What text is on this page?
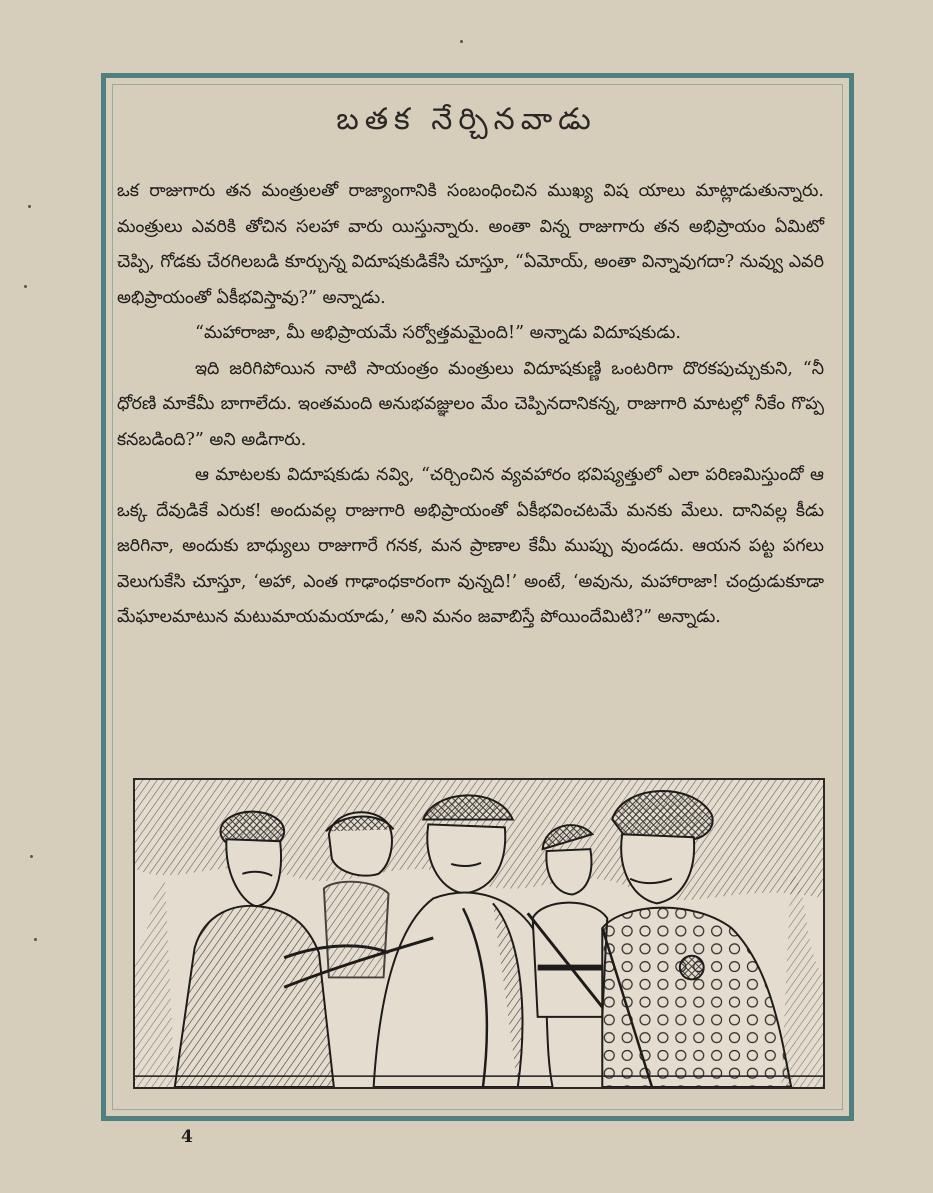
బతక నేర్చినవాడు

ఒక రాజుగారు తన మంత్రులతో రాజ్యాంగానికి సంబంధించిన ముఖ్య విష యాలు మాట్లాడుతున్నారు. మంత్రులు ఎవరికి తోచిన సలహా వారు యిస్తున్నారు. అంతా విన్న రాజుగారు తన అభిప్రాయం ఏమిటో చెప్పి, గోడకు చేరగిలబడి కూర్చున్న విదూషకుడికేసి చూస్తూ, “ఏమోయ్, అంతా విన్నావుగదా? నువ్వు ఎవరి అభిప్రాయంతో ఏకీభవిస్తావు?” అన్నాడు.

“మహారాజా, మీ అభిప్రాయమే సర్వోత్తమమైంది!” అన్నాడు విదూషకుడు.

ఇది జరిగిపోయిన నాటి సాయంత్రం మంత్రులు విదూషకుణ్ణి ఒంటరిగా దొరకపుచ్చుకుని, “నీ ధోరణి మాకేమీ బాగాలేదు. ఇంతమంది అనుభవజ్ఞులం మేం చెప్పినదానికన్న, రాజుగారి మాటల్లో నీకేం గొప్ప కనబడింది?” అని అడిగారు.

ఆ మాటలకు విదూషకుడు నవ్వి, “చర్చించిన వ్యవహారం భవిష్యత్తులో ఎలా పరిణమిస్తుందో ఆ ఒక్క దేవుడికే ఎరుక! అందువల్ల రాజుగారి అభిప్రాయంతో ఏకీభవించటమే మనకు మేలు. దానివల్ల కీడు జరిగినా, అందుకు బాధ్యులు రాజుగారే గనక, మన ప్రాణాల కేమీ ముప్పు వుండదు. ఆయన పట్ట పగలు వెలుగుకేసి చూస్తూ, ‘అహా, ఎంత గాఢాంధకారంగా వున్నది!’ అంటే, ‘అవును, మహారాజా! చంద్రుడుకూడా మేఘాలమాటున మటుమాయమయాడు,’ అని మనం జవాబిస్తే పోయిందేమిటి?” అన్నాడు.

4
